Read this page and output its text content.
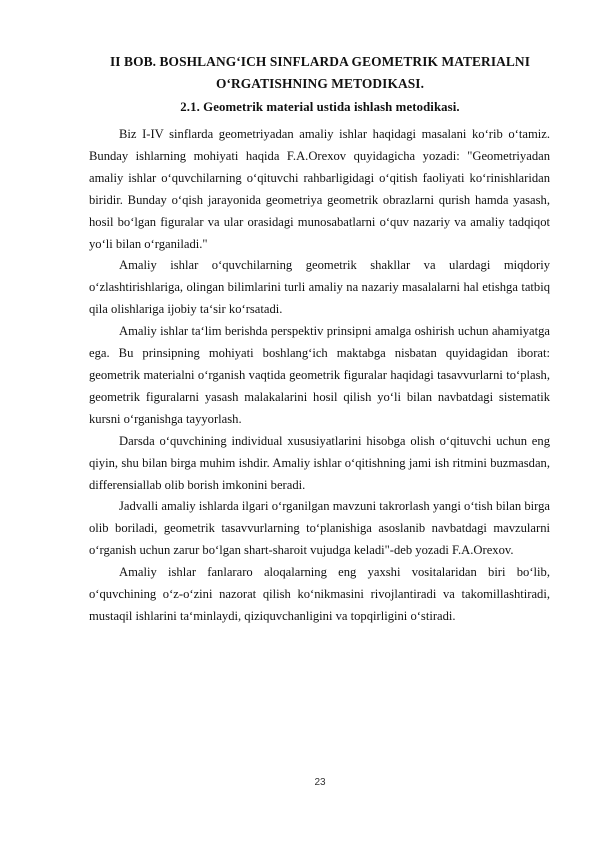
II BOB. BOSHLANG‘ICH SINFLARDA GEOMETRIK MATERIALNI
O‘RGATISHNING METODIKASI.
2.1. Geometrik material ustida ishlash metodikasi.

Biz I-IV sinflarda geometriyadan amaliy ishlar haqidagi masalani ko‘rib o‘tamiz. Bunday ishlarning mohiyati haqida F.A.Orexov quyidagicha yozadi: "Geometriyadan amaliy ishlar o‘quvchilarning o‘qituvchi rahbarligidagi o‘qitish faoliyati ko‘rinishlaridan biridir. Bunday o‘qish jarayonida geometriya geometrik obrazlarni qurish hamda yasash, hosil bo‘lgan figuralar va ular orasidagi munosabatlarni o‘quv nazariy va amaliy tadqiqot yo‘li bilan o‘rganiladi."

Amaliy ishlar o‘quvchilarning geometrik shakllar va ulardagi miqdoriy o‘zlashtirishlariga, olingan bilimlarini turli amaliy na nazariy masalalarni hal etishga tatbiq qila olishlariga ijobiy ta‘sir ko‘rsatadi.

Amaliy ishlar ta‘lim berishda perspektiv prinsipni amalga oshirish uchun ahamiyatga ega. Bu prinsipning mohiyati boshlang‘ich maktabga nisbatan quyidagidan iborat: geometrik materialni o‘rganish vaqtida geometrik figuralar haqidagi tasavvurlarni to‘plash, geometrik figuralarni yasash malakalarini hosil qilish yo‘li bilan navbatdagi sistematik kursni o‘rganishga tayyorlash.

Darsda o‘quvchining individual xususiyatlarini hisobga olish o‘qituvchi uchun eng qiyin, shu bilan birga muhim ishdir. Amaliy ishlar o‘qitishning jami ish ritmini buzmasdan, differensiallab olib borish imkonini beradi.

Jadvalli amaliy ishlarda ilgari o‘rganilgan mavzuni takrorlash yangi o‘tish bilan birga olib boriladi, geometrik tasavvurlarning to‘planishiga asoslanib navbatdagi mavzularni o‘rganish uchun zarur bo‘lgan shart-sharoit vujudga keladi"-deb yozadi F.A.Orexov.

Amaliy ishlar fanlararo aloqalarning eng yaxshi vositalaridan biri bo‘lib, o‘quvchining o‘z-o‘zini nazorat qilish ko‘nikmasini rivojlantiradi va takomillashtiradi, mustaqil ishlarini ta‘minlaydi, qiziquvchanligini va topqirligini o‘stiradi.

23
